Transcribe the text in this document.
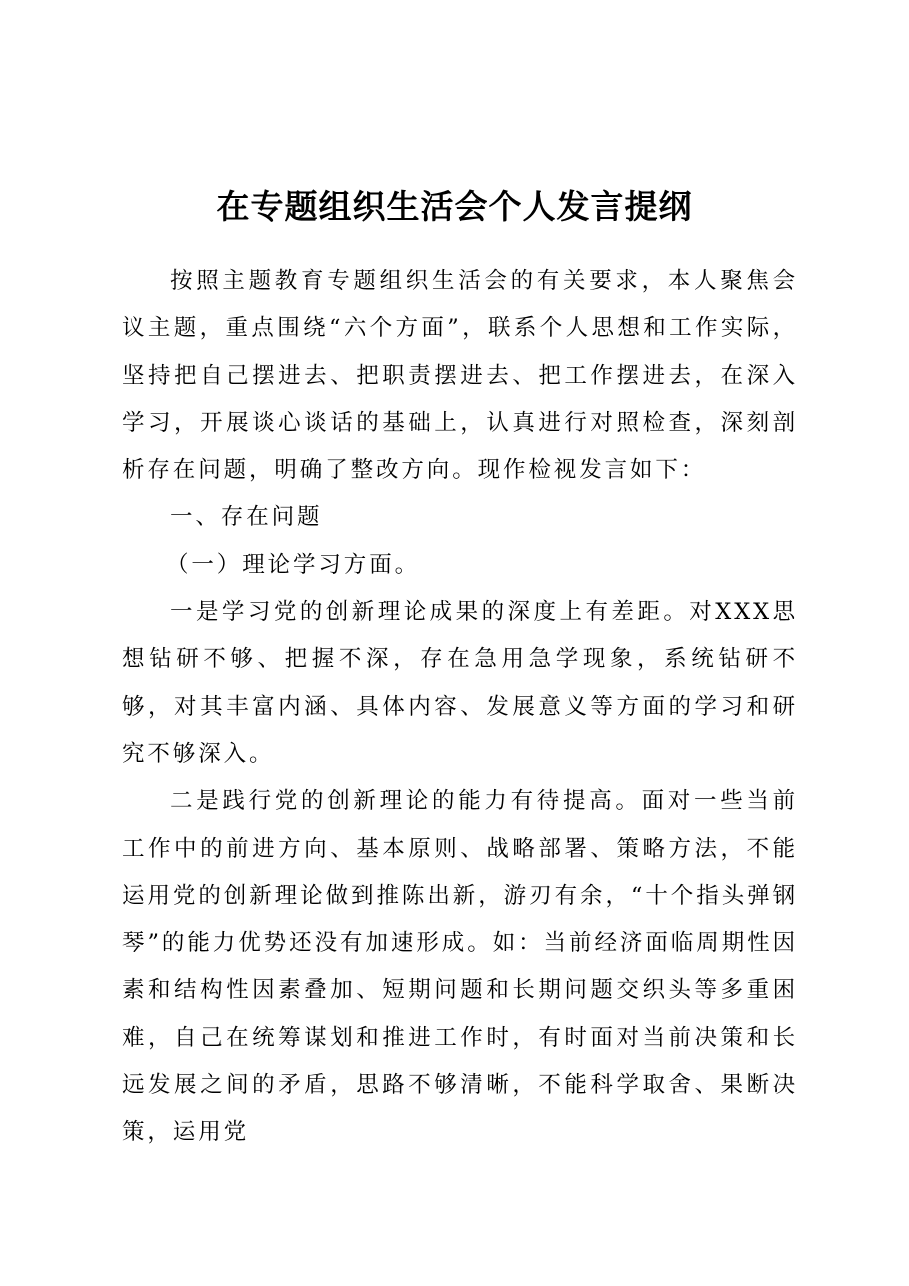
在专题组织生活会个人发言提纲

按照主题教育专题组织生活会的有关要求，本人聚焦会议主题，重点围绕“六个方面”，联系个人思想和工作实际，坚持把自己摆进去、把职责摆进去、把工作摆进去，在深入学习，开展谈心谈话的基础上，认真进行对照检查，深刻剖析存在问题，明确了整改方向。现作检视发言如下：

一、存在问题

（一）理论学习方面。

一是学习党的创新理论成果的深度上有差距。对XXX思想钻研不够、把握不深，存在急用急学现象，系统钻研不够，对其丰富内涵、具体内容、发展意义等方面的学习和研究不够深入。

二是践行党的创新理论的能力有待提高。面对一些当前工作中的前进方向、基本原则、战略部署、策略方法，不能运用党的创新理论做到推陈出新，游刃有余，“十个指头弹钢琴”的能力优势还没有加速形成。如：当前经济面临周期性因素和结构性因素叠加、短期问题和长期问题交织头等多重困难，自己在统筹谋划和推进工作时，有时面对当前决策和长远发展之间的矛盾，思路不够清晰，不能科学取舍、果断决策，运用党
